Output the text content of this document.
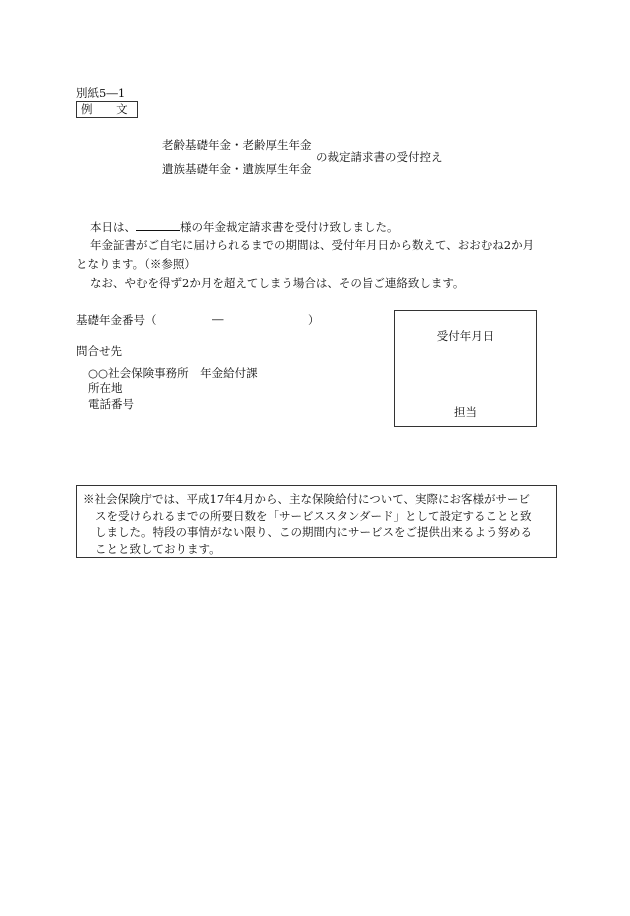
別紙5―1
例 文
老齢基礎年金・老齢厚生年金
遺族基礎年金・遺族厚生年金
の裁定請求書の受付控え
本日は、	様の年金裁定請求書を受付け致しました。
年金証書がご自宅に届けられるまでの期間は、受付年月日から数えて、おおむね2か月
となります。（※参照）
なお、やむを得ず2か月を超えてしまう場合は、その旨ご連絡致します。
基礎年金番号（	―	）
問合せ先
○○社会保険事務所　年金給付課
所在地
電話番号
受付年月日
担当
※社会保険庁では、平成17年4月から、主な保険給付について、実際にお客様がサービ
スを受けられるまでの所要日数を「サービススタンダード」として設定することと致
しました。特段の事情がない限り、この期間内にサービスをご提供出来るよう努める
ことと致しております。
